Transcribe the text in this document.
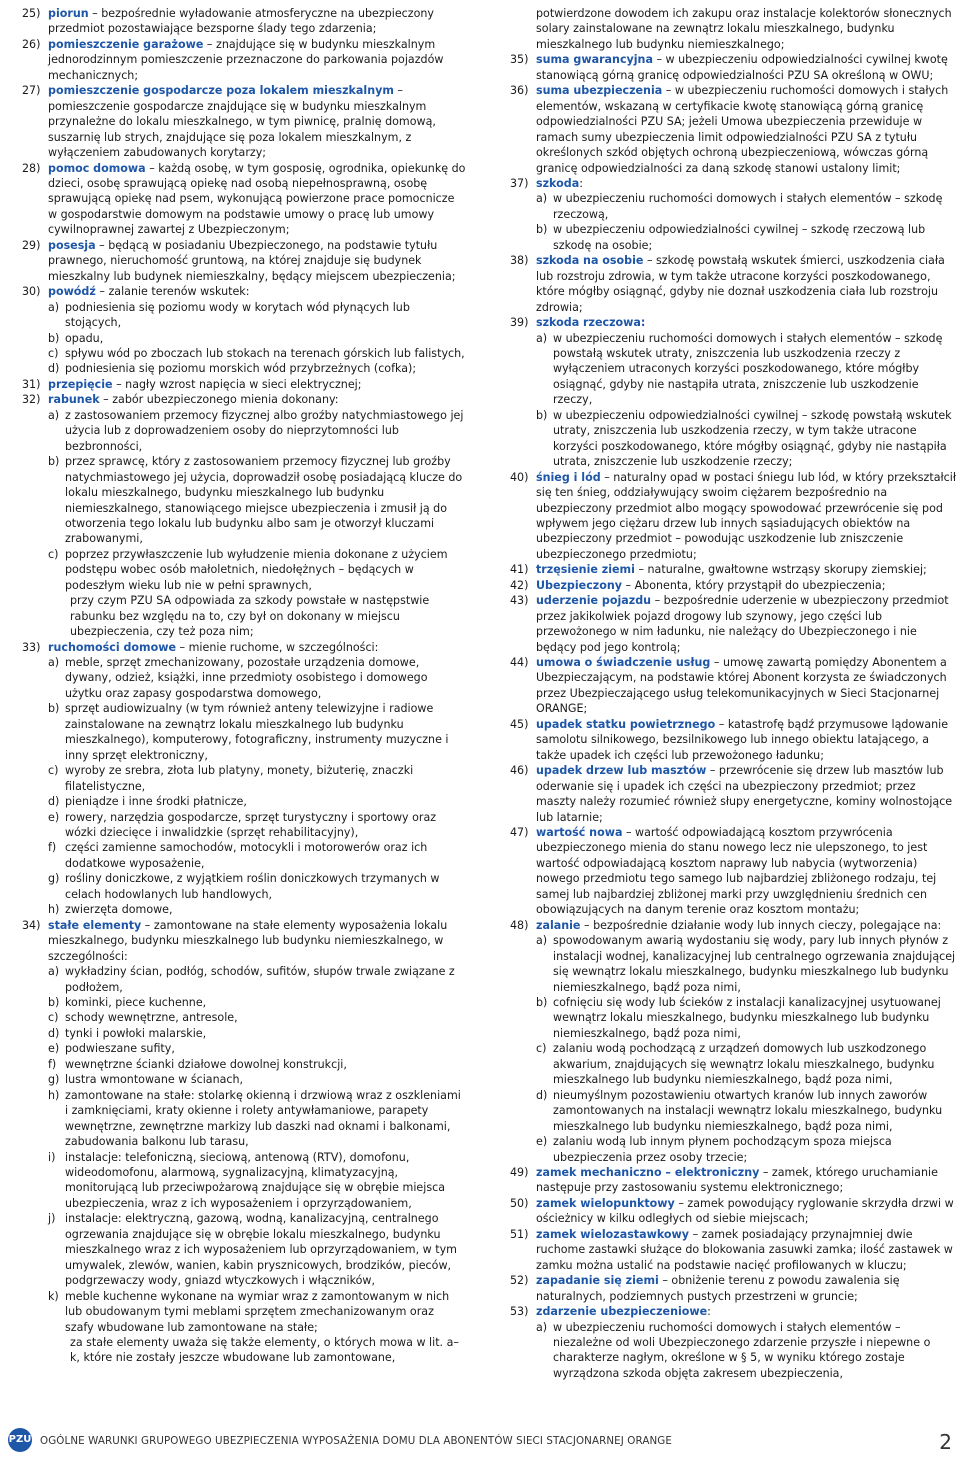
25) piorun – bezpośrednie wyładowanie atmosferyczne na ubezpieczony przedmiot pozostawiające bezsporne ślady tego zdarzenia;
26) pomieszczenie garażowe – znajdujące się w budynku mieszkalnym jednorodzinnym pomieszczenie przeznaczone do parkowania pojazdów mechanicznych;
27) pomieszczenie gospodarcze poza lokalem mieszkalnym – pomieszczenie gospodarcze znajdujące się w budynku mieszkalnym przynależne do lokalu mieszkalnego, w tym piwnicę, pralnię domową, suszarnię lub strych, znajdujące się poza lokalem mieszkalnym, z wyłączeniem zabudowanych korytarzy;
28) pomoc domowa – każdą osobę, w tym gosposię, ogrodnika, opiekunkę do dzieci, osobę sprawującą opiekę nad osobą niepełnosprawną, osobę sprawującą opiekę nad psem, wykonującą powierzone prace pomocnicze w gospodarstwie domowym na podstawie umowy o pracę lub umowy cywilnoprawnej zawartej z Ubezpieczonym;
29) posesja – będącą w posiadaniu Ubezpieczonego, na podstawie tytułu prawnego, nieruchomość gruntową, na której znajduje się budynek mieszkalny lub budynek niemieszkalny, będący miejscem ubezpieczenia;
30) powódź – zalanie terenów wskutek:
a) podniesienia się poziomu wody w korytach wód płynących lub stojących,
b) opadu,
c) spływu wód po zboczach lub stokach na terenach górskich lub falistych,
d) podniesienia się poziomu morskich wód przybrzeżnych (cofka);
31) przepięcie – nagły wzrost napięcia w sieci elektrycznej;
32) rabunek – zabór ubezpieczonego mienia dokonany:
a) z zastosowaniem przemocy fizycznej albo groźby natychmiastowego jej użycia lub z doprowadzeniem osoby do nieprzytomności lub bezbronności,
b) przez sprawcę, który z zastosowaniem przemocy fizycznej lub groźby natychmiastowego jej użycia, doprowadził osobę posiadającą klucze do lokalu mieszkalnego, budynku mieszkalnego lub budynku niemieszkalnego, stanowiącego miejsce ubezpieczenia i zmusił ją do otworzenia tego lokalu lub budynku albo sam je otworzył kluczami zrabowanymi,
c) poprzez przywłaszczenie lub wyłudzenie mienia dokonane z użyciem podstępu wobec osób małoletnich, niedołężnych – będących w podeszłym wieku lub nie w pełni sprawnych,
przy czym PZU SA odpowiada za szkody powstałe w następstwie rabunku bez względu na to, czy był on dokonany w miejscu ubezpieczenia, czy też poza nim;
33) ruchomości domowe – mienie ruchome, w szczególności:
a) meble, sprzęt zmechanizowany, pozostałe urządzenia domowe, dywany, odzież, książki, inne przedmioty osobistego i domowego użytku oraz zapasy gospodarstwa domowego,
b) sprzęt audiowizualny (w tym również anteny telewizyjne i radiowe zainstalowane na zewnątrz lokalu mieszkalnego lub budynku mieszkalnego), komputerowy, fotograficzny, instrumenty muzyczne i inny sprzęt elektroniczny,
c) wyroby ze srebra, złota lub platyny, monety, biżuterię, znaczki filatelistyczne,
d) pieniądze i inne środki płatnicze,
e) rowery, narzędzia gospodarcze, sprzęt turystyczny i sportowy oraz wózki dziecięce i inwalidzkie (sprzęt rehabilitacyjny),
f) części zamienne samochodów, motocykli i motorowerów oraz ich dodatkowe wyposażenie,
g) rośliny doniczkowe, z wyjątkiem roślin doniczkowych trzymanych w celach hodowlanych lub handlowych,
h) zwierzęta domowe,
34) stałe elementy – zamontowane na stałe elementy wyposażenia lokalu mieszkalnego, budynku mieszkalnego lub budynku niemieszkalnego, w szczególności:
a) wykładziny ścian, podłóg, schodów, sufitów, słupów trwale związane z podłożem,
b) kominki, piece kuchenne,
c) schody wewnętrzne, antresole,
d) tynki i powłoki malarskie,
e) podwieszane sufity,
f) wewnętrzne ścianki działowe dowolnej konstrukcji,
g) lustra wmontowane w ścianach,
h) zamontowane na stałe: stolarkę okienną i drzwiową wraz z oszkleniami i zamknięciami, kraty okienne i rolety antywłamaniowe, parapety wewnętrzne, zewnętrzne markizy lub daszki nad oknami i balkonami, zabudowania balkonu lub tarasu,
i) instalacje: telefoniczną, sieciową, antenową (RTV), domofonu, wideodomofonu, alarmową, sygnalizacyjną, klimatyzacyjną, monitorującą lub przeciwpożarową znajdujące się w obrębie miejsca ubezpieczenia, wraz z ich wyposażeniem i oprzyrządowaniem,
j) instalacje: elektryczną, gazową, wodną, kanalizacyjną, centralnego ogrzewania znajdujące się w obrębie lokalu mieszkalnego, budynku mieszkalnego wraz z ich wyposażeniem lub oprzyrządowaniem, w tym umywalek, zlewów, wanien, kabin prysznicowych, brodzików, pieców, podgrzewaczy wody, gniazd wtyczkowych i włączników,
k) meble kuchenne wykonane na wymiar wraz z zamontowanym w nich lub obudowanym tymi meblami sprzętem zmechanizowanym oraz szafy wbudowane lub zamontowane na stałe;
za stałe elementy uważa się także elementy, o których mowa w lit. a–k, które nie zostały jeszcze wbudowane lub zamontowane,
potwierdzone dowodem ich zakupu oraz instalacje kolektorów słonecznych solary zainstalowane na zewnątrz lokalu mieszkalnego, budynku mieszkalnego lub budynku niemieszkalnego;
35) suma gwarancyjna – w ubezpieczeniu odpowiedzialności cywilnej kwotę stanowiącą górną granicę odpowiedzialności PZU SA określoną w OWU;
36) suma ubezpieczenia – w ubezpieczeniu ruchomości domowych i stałych elementów, wskazaną w certyfikacie kwotę stanowiącą górną granicę odpowiedzialności PZU SA; jeżeli Umowa ubezpieczenia przewiduje w ramach sumy ubezpieczenia limit odpowiedzialności PZU SA z tytułu określonych szkód objętych ochroną ubezpieczeniową, wówczas górną granicę odpowiedzialności za daną szkodę stanowi ustalony limit;
37) szkoda:
a) w ubezpieczeniu ruchomości domowych i stałych elementów – szkodę rzeczową,
b) w ubezpieczeniu odpowiedzialności cywilnej – szkodę rzeczową lub szkodę na osobie;
38) szkoda na osobie – szkodę powstałą wskutek śmierci, uszkodzenia ciała lub rozstroju zdrowia, w tym także utracone korzyści poszkodowanego, które mógłby osiągnąć, gdyby nie doznał uszkodzenia ciała lub rozstroju zdrowia;
39) szkoda rzeczowa:
a) w ubezpieczeniu ruchomości domowych i stałych elementów – szkodę powstałą wskutek utraty, zniszczenia lub uszkodzenia rzeczy z wyłączeniem utraconych korzyści poszkodowanego, które mógłby osiągnąć, gdyby nie nastąpiła utrata, zniszczenie lub uszkodzenie rzeczy,
b) w ubezpieczeniu odpowiedzialności cywilnej – szkodę powstałą wskutek utraty, zniszczenia lub uszkodzenia rzeczy, w tym także utracone korzyści poszkodowanego, które mógłby osiągnąć, gdyby nie nastąpiła utrata, zniszczenie lub uszkodzenie rzeczy;
40) śnieg i lód – naturalny opad w postaci śniegu lub lód, w który przekształcił się ten śnieg, oddziaływujący swoim ciężarem bezpośrednio na ubezpieczony przedmiot albo mogący spowodować przewrócenie się pod wpływem jego ciężaru drzew lub innych sąsiadujących obiektów na ubezpieczony przedmiot – powodując uszkodzenie lub zniszczenie ubezpieczonego przedmiotu;
41) trzęsienie ziemi – naturalne, gwałtowne wstrząsy skorupy ziemskiej;
42) Ubezpieczony – Abonenta, który przystąpił do ubezpieczenia;
43) uderzenie pojazdu – bezpośrednie uderzenie w ubezpieczony przedmiot przez jakikolwiek pojazd drogowy lub szynowy, jego części lub przewożonego w nim ładunku, nie należący do Ubezpieczonego i nie będący pod jego kontrolą;
44) umowa o świadczenie usług – umowę zawartą pomiędzy Abonentem a Ubezpieczającym, na podstawie której Abonent korzysta ze świadczonych przez Ubezpieczającego usług telekomunikacyjnych w Sieci Stacjonarnej ORANGE;
45) upadek statku powietrznego – katastrofę bądź przymusowe lądowanie samolotu silnikowego, bezsilnikowego lub innego obiektu latającego, a także upadek ich części lub przewożonego ładunku;
46) upadek drzew lub masztów – przewrócenie się drzew lub masztów lub oderwanie się i upadek ich części na ubezpieczony przedmiot; przez maszty należy rozumieć również słupy energetyczne, kominy wolnostojące lub latarnie;
47) wartość nowa – wartość odpowiadającą kosztom przywrócenia ubezpieczonego mienia do stanu nowego lecz nie ulepszonego, to jest wartość odpowiadającą kosztom naprawy lub nabycia (wytworzenia) nowego przedmiotu tego samego lub najbardziej zbliżonego rodzaju, tej samej lub najbardziej zbliżonej marki przy uwzględnieniu średnich cen obowiązujących na danym terenie oraz kosztom montażu;
48) zalanie – bezpośrednie działanie wody lub innych cieczy, polegające na:
a) spowodowanym awarią wydostaniu się wody, pary lub innych płynów z instalacji wodnej, kanalizacyjnej lub centralnego ogrzewania znajdującej się wewnątrz lokalu mieszkalnego, budynku mieszkalnego lub budynku niemieszkalnego, bądź poza nimi,
b) cofnięciu się wody lub ścieków z instalacji kanalizacyjnej usytuowanej wewnątrz lokalu mieszkalnego, budynku mieszkalnego lub budynku niemieszkalnego, bądź poza nimi,
c) zalaniu wodą pochodzącą z urządzeń domowych lub uszkodzonego akwarium, znajdujących się wewnątrz lokalu mieszkalnego, budynku mieszkalnego lub budynku niemieszkalnego, bądź poza nimi,
d) nieumyślnym pozostawieniu otwartych kranów lub innych zaworów zamontowanych na instalacji wewnątrz lokalu mieszkalnego, budynku mieszkalnego lub budynku niemieszkalnego, bądź poza nimi,
e) zalaniu wodą lub innym płynem pochodzącym spoza miejsca ubezpieczenia przez osoby trzecie;
49) zamek mechaniczno – elektroniczny – zamek, którego uruchamianie następuje przy zastosowaniu systemu elektronicznego;
50) zamek wielopunktowy – zamek powodujący ryglowanie skrzydła drzwi w ościeżnicy w kilku odległych od siebie miejscach;
51) zamek wielozastawkowy – zamek posiadający przynajmniej dwie ruchome zastawki służące do blokowania zasuwki zamka; ilość zastawek w zamku można ustalić na podstawie nacięć profilowanych w kluczu;
52) zapadanie się ziemi – obniżenie terenu z powodu zawalenia się naturalnych, podziemnych pustych przestrzeni w gruncie;
53) zdarzenie ubezpieczeniowe:
a) w ubezpieczeniu ruchomości domowych i stałych elementów – niezależne od woli Ubezpieczonego zdarzenie przyszłe i niepewne o charakterze nagłym, określone w § 5, w wyniku którego zostaje wyrządzona szkoda objęta zakresem ubezpieczenia,
PZU OGÓLNE WARUNKI GRUPOWEGO UBEZPIECZENIA WYPOSAŻENIA DOMU DLA ABONENTÓW SIECI STACJONARNEJ ORANGE	2
